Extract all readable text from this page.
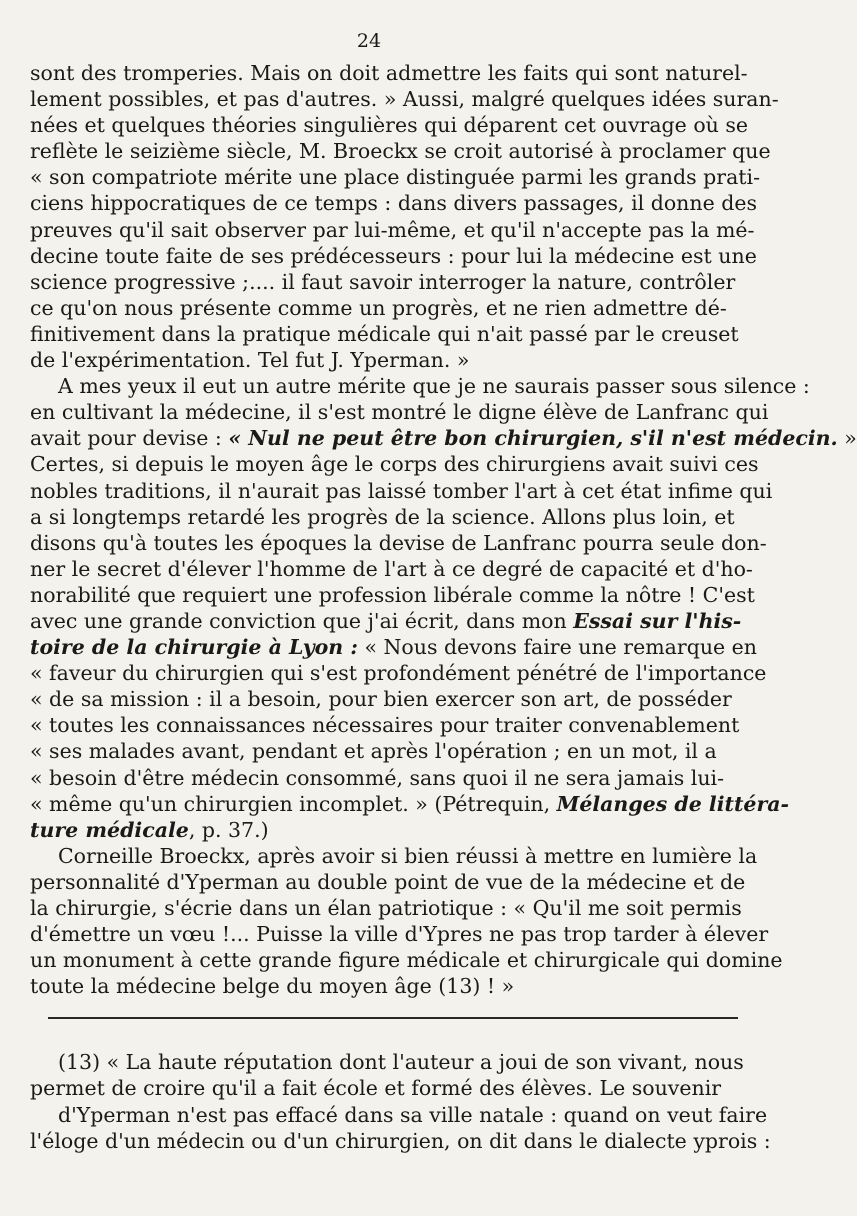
24
sont des tromperies. Mais on doit admettre les faits qui sont naturel-
lement possibles, et pas d'autres. » Aussi, malgré quelques idées suran-
nées et quelques théories singulières qui déparent cet ouvrage où se
reflète le seizième siècle, M. Broeckx se croit autorisé à proclamer que
« son compatriote mérite une place distinguée parmi les grands prati-
ciens hippocratiques de ce temps : dans divers passages, il donne des
preuves qu'il sait observer par lui-même, et qu'il n'accepte pas la mé-
decine toute faite de ses prédécesseurs : pour lui la médecine est une
science progressive ;.... il faut savoir interroger la nature, contrôler
ce qu'on nous présente comme un progrès, et ne rien admettre dé-
finitivement dans la pratique médicale qui n'ait passé par le creuset
de l'expérimentation. Tel fut J. Yperman. »
A mes yeux il eut un autre mérite que je ne saurais passer sous silence :
en cultivant la médecine, il s'est montré le digne élève de Lanfranc qui
avait pour devise : « Nul ne peut être bon chirurgien, s'il n'est médecin. »
Certes, si depuis le moyen âge le corps des chirurgiens avait suivi ces
nobles traditions, il n'aurait pas laissé tomber l'art à cet état infime qui
a si longtemps retardé les progrès de la science. Allons plus loin, et
disons qu'à toutes les époques la devise de Lanfranc pourra seule don-
ner le secret d'élever l'homme de l'art à ce degré de capacité et d'ho-
norabilité que requiert une profession libérale comme la nôtre ! C'est
avec une grande conviction que j'ai écrit, dans mon Essai sur l'his-
toire de la chirurgie à Lyon : « Nous devons faire une remarque en
« faveur du chirurgien qui s'est profondément pénétré de l'importance
« de sa mission : il a besoin, pour bien exercer son art, de posséder
« toutes les connaissances nécessaires pour traiter convenablement
« ses malades avant, pendant et après l'opération ; en un mot, il a
« besoin d'être médecin consommé, sans quoi il ne sera jamais lui-
« même qu'un chirurgien incomplet. » (Pétrequin, Mélanges de littéra-
ture médicale, p. 37.)
Corneille Broeckx, après avoir si bien réussi à mettre en lumière la
personnalité d'Yperman au double point de vue de la médecine et de
la chirurgie, s'écrie dans un élan patriotique : « Qu'il me soit permis
d'émettre un vœu !... Puisse la ville d'Ypres ne pas trop tarder à élever
un monument à cette grande figure médicale et chirurgicale qui domine
toute la médecine belge du moyen âge (13) ! »
(13) « La haute réputation dont l'auteur a joui de son vivant, nous
permet de croire qu'il a fait école et formé des élèves. Le souvenir
d'Yperman n'est pas effacé dans sa ville natale : quand on veut faire
l'éloge d'un médecin ou d'un chirurgien, on dit dans le dialecte yprois :
